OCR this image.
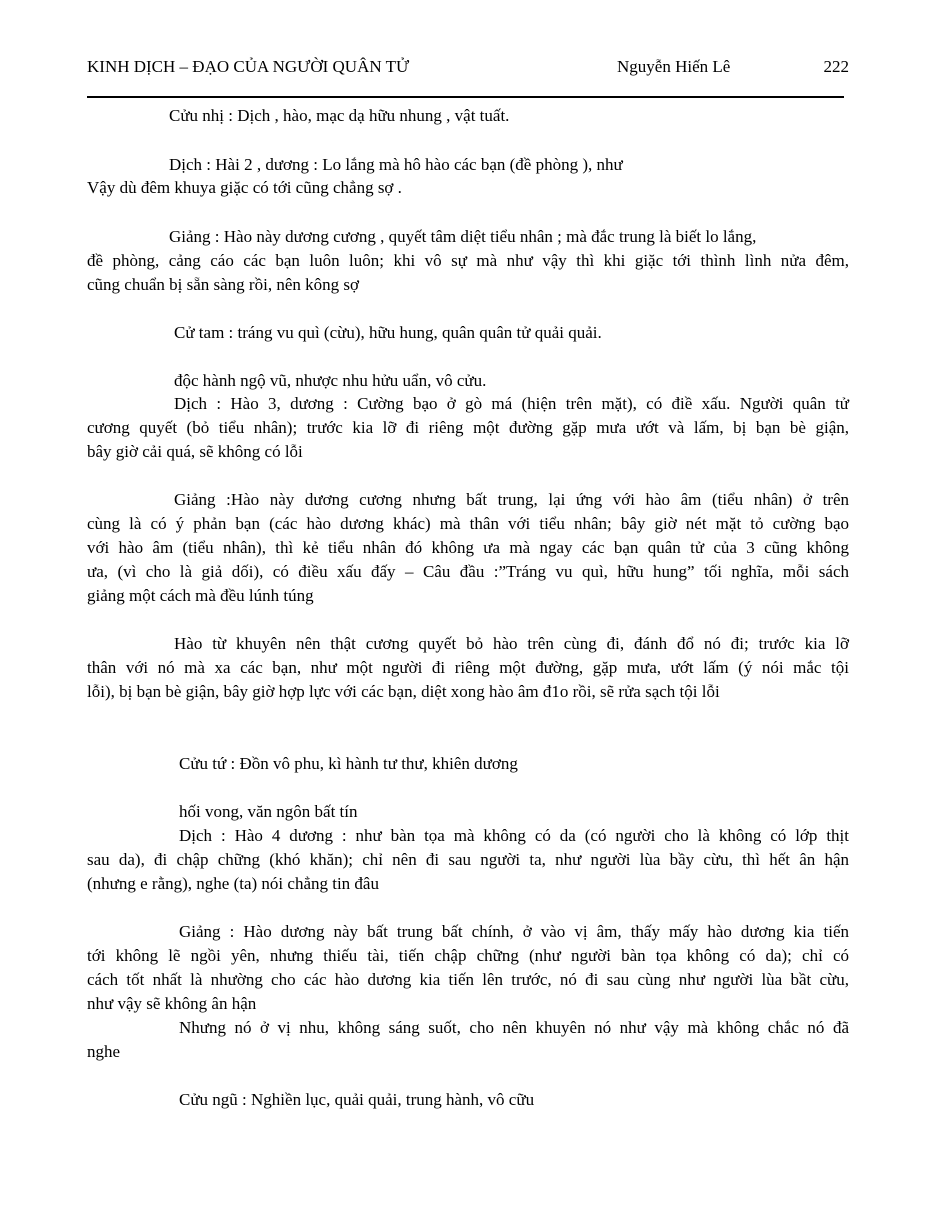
KINH DỊCH – ĐẠO CỦA NGƯỜI QUÂN TỬ	Nguyễn Hiến Lê	222
Cửu nhị : Dịch , hào, mạc dạ hữu nhung , vật tuất.
Dịch : Hài 2 , dương : Lo lắng mà hô hào các bạn (đề phòng ), như
Vậy dù đêm khuya giặc có tới cũng chẳng sợ .
Giảng : Hào này dương cương , quyết tâm diệt tiểu nhân ; mà đắc trung là biết lo lắng,
đề phòng, cảng cáo các bạn luôn luôn; khi vô sự mà như vậy thì khi giặc tới thình lình nửa đêm,
cũng chuẩn bị sẵn sàng rồi, nên kông sợ
Cử tam : tráng vu quì (cừu), hữu hung, quân quân tử quải quải.
độc hành ngộ vũ, nhược nhu hửu uẩn, vô cửu.
Dịch : Hào 3, dương : Cường bạo ở gò má (hiện trên mặt), có điề xấu. Người quân tử
cương quyết (bỏ tiểu nhân); trước kia lỡ đi riêng một đường gặp mưa ướt và lấm, bị bạn bè giận,
bây giờ cải quá, sẽ không có lỗi
Giảng :Hào này dương cương nhưng bất trung, lại ứng với hào âm (tiểu nhân) ở trên
cùng là có ý phản bạn (các hào dương khác) mà thân với tiểu nhân; bây giờ nét mặt tỏ cường bạo
với hào âm (tiểu nhân), thì kẻ tiểu nhân đó không ưa mà ngay các bạn quân tử của 3 cũng không
ưa, (vì cho là giả dối), có điều xấu đấy – Câu đầu :”Tráng vu quì, hữu hung” tối nghĩa, mỗi sách
giảng một cách mà đều lúnh túng
Hào từ khuyên nên thật cương quyết bỏ hào trên cùng đi, đánh đổ nó đi; trước kia lỡ
thân với nó mà xa các bạn, như một người đi riêng một đường, gặp mưa, ướt lấm (ý nói mắc tội
lỗi), bị bạn bè giận, bây giờ hợp lực với các bạn, diệt xong hào âm đ1o rồi, sẽ rửa sạch tội lỗi
Cửu tứ : Đồn vô phu, kì hành tư thư, khiên dương
hối vong, văn ngôn bất tín
Dịch : Hào 4 dương : như bàn tọa mà không có da (có người cho là không có lớp thịt
sau da), đi chập chững (khó khăn); chỉ nên đi sau người ta, như người lùa bầy cừu, thì hết ân hận
(nhưng e rằng), nghe (ta) nói chẳng tin đâu
Giảng : Hào dương này bất trung bất chính, ở vào vị âm, thấy mấy hào dương kia tiến
tới không lẽ ngồi yên, nhưng thiếu tài, tiến chập chững (như người bàn tọa không có da); chỉ có
cách tốt nhất là nhường cho các hào dương kia tiến lên trước, nó đi sau cùng như người lùa bầt cừu,
như vậy sẽ không ân hận
Nhưng nó ở vị nhu, không sáng suốt, cho nên khuyên nó như vậy mà không chắc nó đã
nghe
Cửu ngũ : Nghiền lục, quải quải, trung hành, vô cữu
